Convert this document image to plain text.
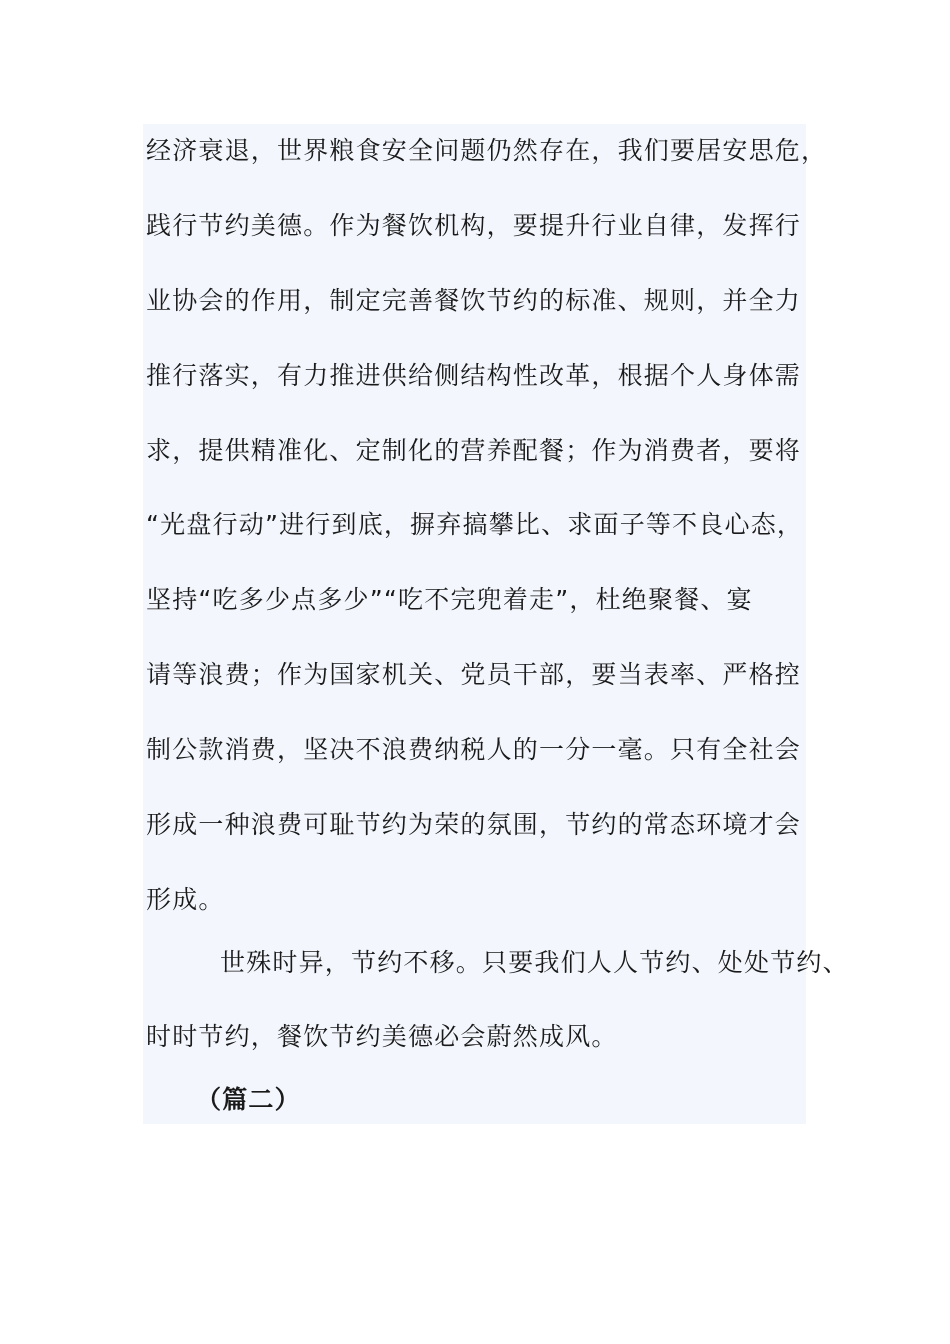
经济衰退，世界粮食安全问题仍然存在，我们要居安思危，
践行节约美德。作为餐饮机构，要提升行业自律，发挥行
业协会的作用，制定完善餐饮节约的标准、规则，并全力
推行落实，有力推进供给侧结构性改革，根据个人身体需
求，提供精准化、定制化的营养配餐；作为消费者，要将
“光盘行动”进行到底，摒弃搞攀比、求面子等不良心态，
坚持“吃多少点多少”“吃不完兜着走”，杜绝聚餐、宴
请等浪费；作为国家机关、党员干部，要当表率、严格控
制公款消费，坚决不浪费纳税人的一分一毫。只有全社会
形成一种浪费可耻节约为荣的氛围，节约的常态环境才会
形成。
世殊时异，节约不移。只要我们人人节约、处处节约、
时时节约，餐饮节约美德必会蔚然成风。
（篇二）
